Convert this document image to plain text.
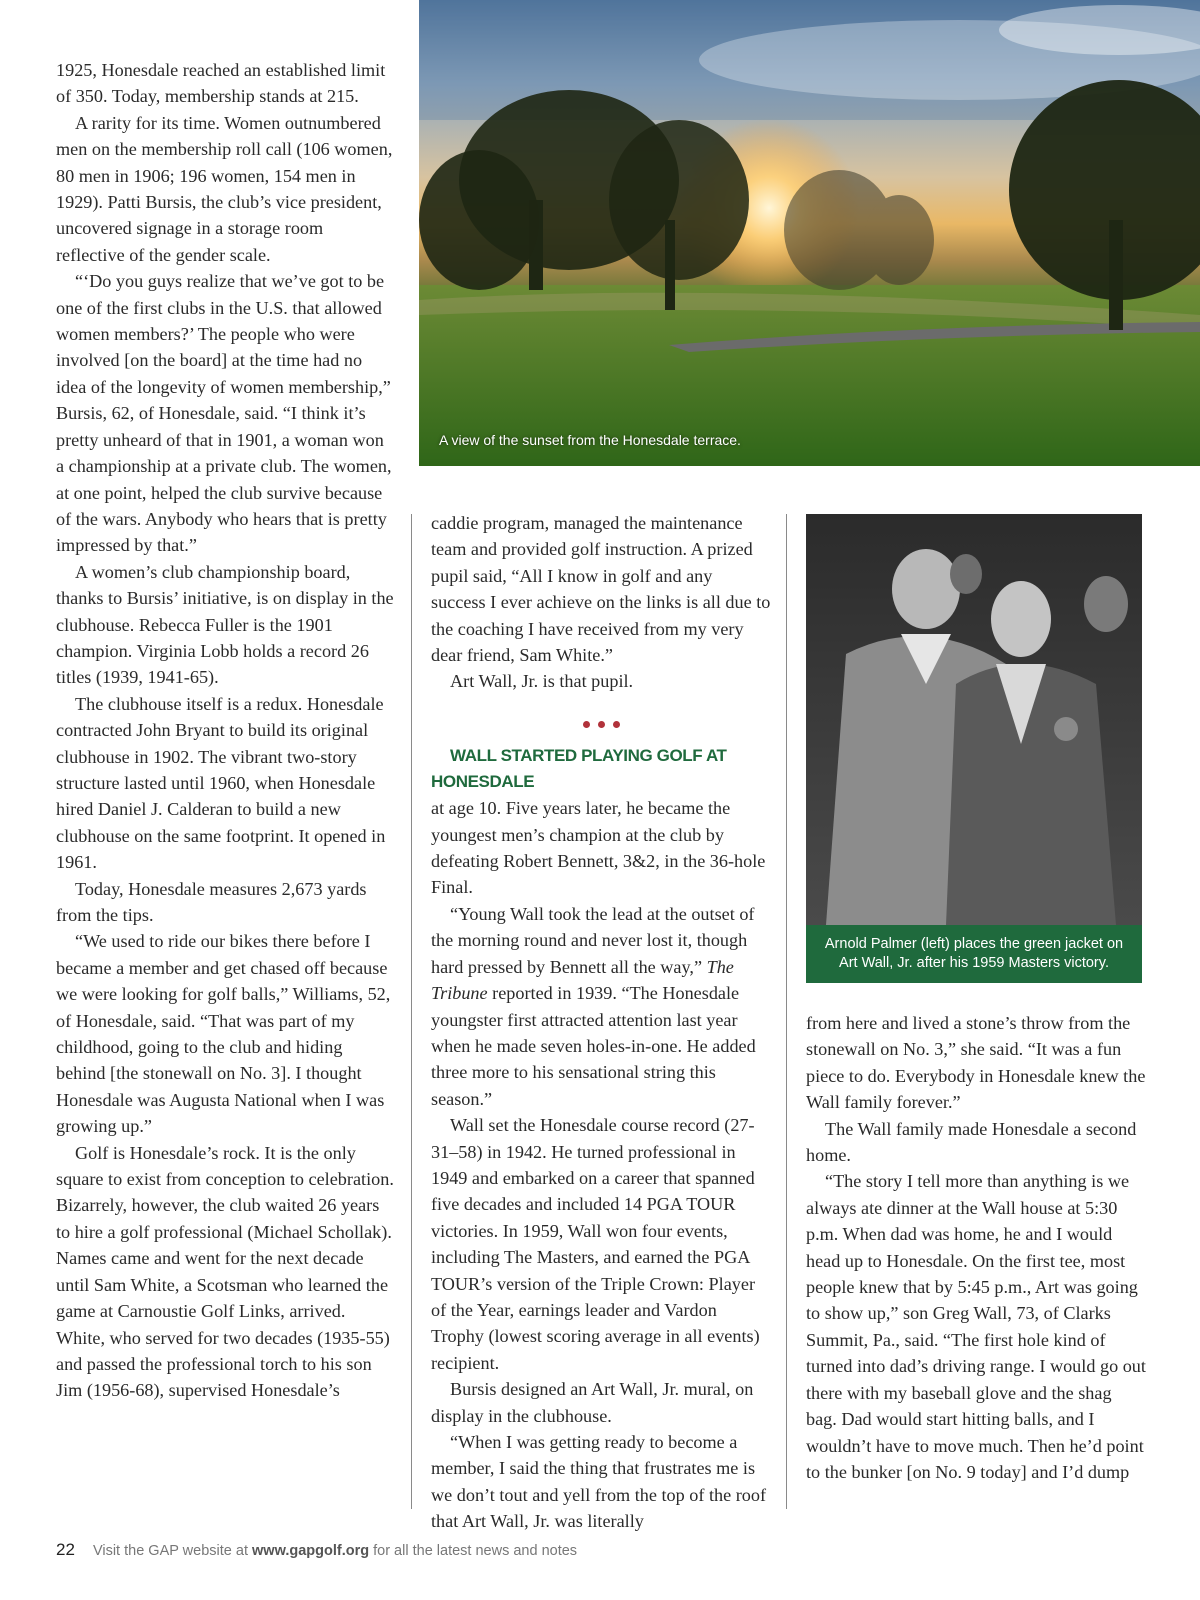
1925, Honesdale reached an established limit of 350. Today, membership stands at 215.

A rarity for its time. Women outnumbered men on the membership roll call (106 women, 80 men in 1906; 196 women, 154 men in 1929). Patti Bursis, the club’s vice president, uncovered signage in a storage room reflective of the gender scale.

“‘Do you guys realize that we’ve got to be one of the first clubs in the U.S. that allowed women members?’ The people who were involved [on the board] at the time had no idea of the longevity of women membership,” Bursis, 62, of Honesdale, said. “I think it’s pretty unheard of that in 1901, a woman won a championship at a private club. The women, at one point, helped the club survive because of the wars. Anybody who hears that is pretty impressed by that.”

A women’s club championship board, thanks to Bursis’ initiative, is on display in the clubhouse. Rebecca Fuller is the 1901 champion. Virginia Lobb holds a record 26 titles (1939, 1941-65).

The clubhouse itself is a redux. Honesdale contracted John Bryant to build its original clubhouse in 1902. The vibrant two-story structure lasted until 1960, when Honesdale hired Daniel J. Calderan to build a new clubhouse on the same footprint. It opened in 1961.

Today, Honesdale measures 2,673 yards from the tips.

“We used to ride our bikes there before I became a member and get chased off because we were looking for golf balls,” Williams, 52, of Honesdale, said. “That was part of my childhood, going to the club and hiding behind [the stonewall on No. 3]. I thought Honesdale was Augusta National when I was growing up.”

Golf is Honesdale’s rock. It is the only square to exist from conception to celebration. Bizarrely, however, the club waited 26 years to hire a golf professional (Michael Schollak). Names came and went for the next decade until Sam White, a Scotsman who learned the game at Carnoustie Golf Links, arrived. White, who served for two decades (1935-55) and passed the professional torch to his son Jim (1956-68), supervised Honesdale’s

A view of the sunset from the Honesdale terrace.

caddie program, managed the maintenance team and provided golf instruction. A prized pupil said, “All I know in golf and any success I ever achieve on the links is all due to the coaching I have received from my very dear friend, Sam White.”

Art Wall, Jr. is that pupil.

WALL STARTED PLAYING GOLF AT HONESDALE

at age 10. Five years later, he became the youngest men’s champion at the club by defeating Robert Bennett, 3&2, in the 36-hole Final.

“Young Wall took the lead at the outset of the morning round and never lost it, though hard pressed by Bennett all the way,” The Tribune reported in 1939. “The Honesdale youngster first attracted attention last year when he made seven holes-in-one. He added three more to his sensational string this season.”

Wall set the Honesdale course record (27-31–58) in 1942. He turned professional in 1949 and embarked on a career that spanned five decades and included 14 PGA TOUR victories. In 1959, Wall won four events, including The Masters, and earned the PGA TOUR’s version of the Triple Crown: Player of the Year, earnings leader and Vardon Trophy (lowest scoring average in all events) recipient.

Bursis designed an Art Wall, Jr. mural, on display in the clubhouse.

“When I was getting ready to become a member, I said the thing that frustrates me is we don’t tout and yell from the top of the roof that Art Wall, Jr. was literally

Arnold Palmer (left) places the green jacket on Art Wall, Jr. after his 1959 Masters victory.

from here and lived a stone’s throw from the stonewall on No. 3,” she said. “It was a fun piece to do. Everybody in Honesdale knew the Wall family forever.”

The Wall family made Honesdale a second home.

“The story I tell more than anything is we always ate dinner at the Wall house at 5:30 p.m. When dad was home, he and I would head up to Honesdale. On the first tee, most people knew that by 5:45 p.m., Art was going to show up,” son Greg Wall, 73, of Clarks Summit, Pa., said. “The first hole kind of turned into dad’s driving range. I would go out there with my baseball glove and the shag bag. Dad would start hitting balls, and I wouldn’t have to move much. Then he’d point to the bunker [on No. 9 today] and I’d dump

22 Visit the GAP website at www.gapgolf.org for all the latest news and notes
